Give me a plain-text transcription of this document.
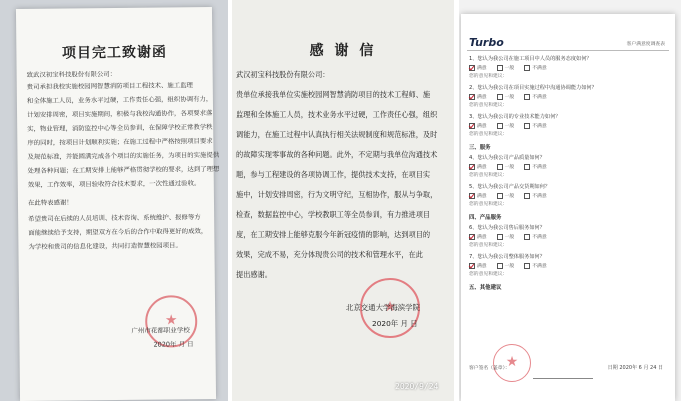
项目完工致谢函
致武汉初宝科技股份有限公司：
贵司承担我校实施校园网智慧消防项目工程技术、施工监理
和全体施工人员，业务水平过硬，工作责任心强，组织协调有力，
计划安排周密，项目实施期间，积极与我校沟通协作，各项要求落
实，物业管理，消防监控中心等全员参训，在保障学校正常教学秩
序的同时，按项目计划顺利实施；在施工过程中严格按照项目要求
及规范标准，并能圆满完成各个项目的实施任务，为项目的实施提供
处理各种问题；在工期安排上能够严格贯彻学校的要求，达到了理想
效果，工作效率，项目验收符合技术要求，一次性通过验收。
在此特表感谢！
希望贵司在后续的人员培训、技术咨询、系统维护、报修等方
面能继续给予支持，期望双方在今后的合作中取得更好的成效，
为学校和贵司的信息化建设，共同打造智慧校园项目。
★
广州市花都职业学校
2020年 月 日
感 谢 信
武汉初宝科技股份有限公司：
贵单位承接我单位实施校园网智慧消防项目的技术工程师、施
监理和全体施工人员，技术业务水平过硬，工作责任心强，组织
调能力，在施工过程中认真执行相关法规制度和规范标准，及时
的故障实现零事故的各种问题。此外，不定期与我单位沟通技术
题，参与工程建设的各项协调工作，提供技术支持，在项目实
施中，计划安排周密，行为文明守纪，互相协作，服从与争取，
检查，数据监控中心，学校教职工等全员参训，有力推进项目
度，在工期安排上能够克服今年新冠疫情的影响，达到项目的
效果，完成不易，充分体现贵公司的技术和管理水平，在此
提出感谢。
★
北京交通大学海滨学院
2020年 月 日
2020/9/24
Turbo	客户满意度调查表
1、您认为我公司在施工项目中人员的服务态度如何？
满意	一般	不满意
您的意见和建议：
2、您认为我公司在项目实施过程中沟通协调能力如何？
满意	一般	不满意
您的意见和建议：
3、您认为我公司的专业技术能力如何？
满意	一般	不满意
您的意见和建议：
三、服务
4、您认为我公司产品质量如何？
满意	一般	不满意
您的意见和建议：
5、您认为我公司产品交货期如何？
满意	一般	不满意
您的意见和建议：
四、产品服务
6、您认为我公司售后服务如何？
满意	一般	不满意
您的意见和建议：
7、您认为我公司整体服务如何？
满意	一般	不满意
您的意见和建议：
五、其他建议
★
客户签名（盖章）：	日期 2020年 6 月 24 日
